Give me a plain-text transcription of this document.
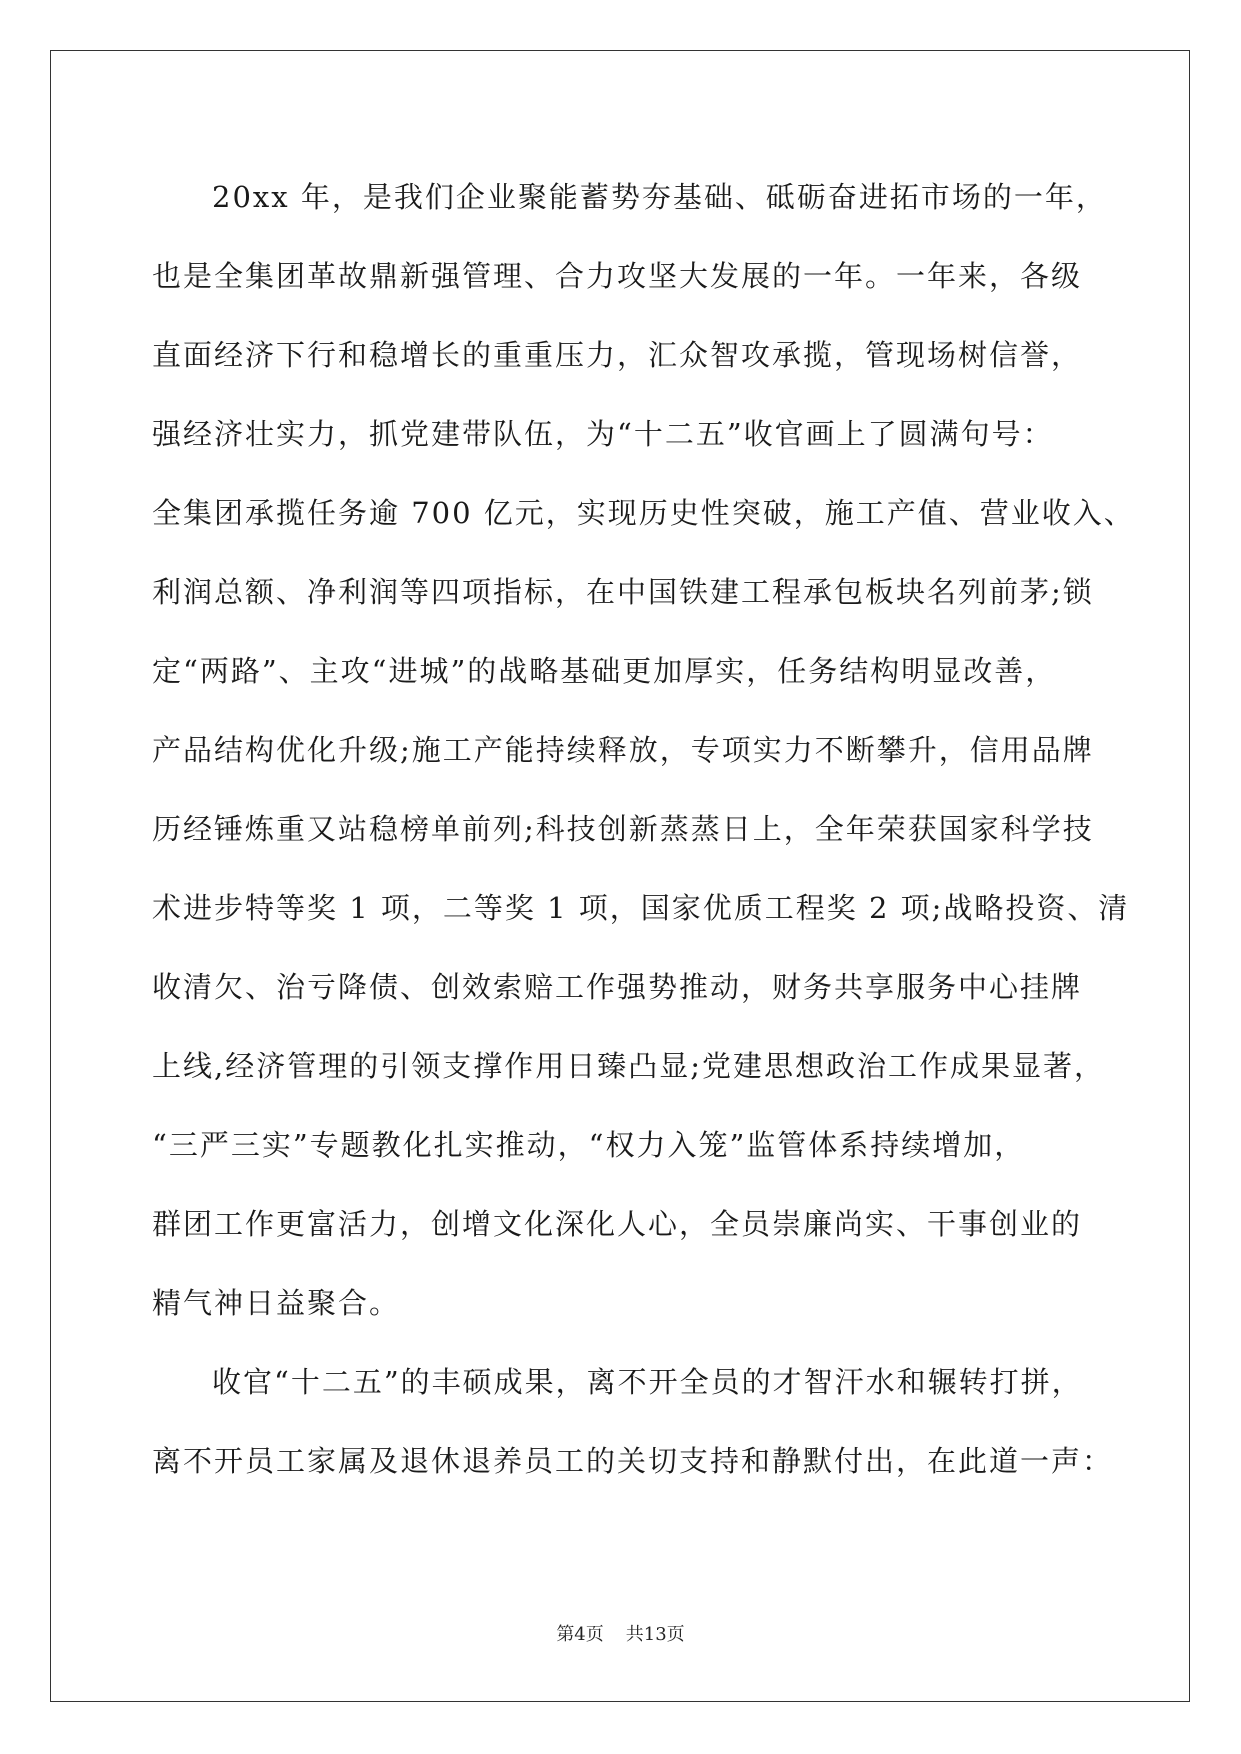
20xx 年，是我们企业聚能蓄势夯基础、砥砺奋进拓市场的一年，
也是全集团革故鼎新强管理、合力攻坚大发展的一年。一年来，各级
直面经济下行和稳增长的重重压力，汇众智攻承揽，管现场树信誉，
强经济壮实力，抓党建带队伍，为“十二五”收官画上了圆满句号：
全集团承揽任务逾 700 亿元，实现历史性突破，施工产值、营业收入、
利润总额、净利润等四项指标，在中国铁建工程承包板块名列前茅;锁
定“两路”、主攻“进城”的战略基础更加厚实，任务结构明显改善，
产品结构优化升级;施工产能持续释放，专项实力不断攀升，信用品牌
历经锤炼重又站稳榜单前列;科技创新蒸蒸日上，全年荣获国家科学技
术进步特等奖 1 项，二等奖 1 项，国家优质工程奖 2 项;战略投资、清
收清欠、治亏降债、创效索赔工作强势推动，财务共享服务中心挂牌
上线,经济管理的引领支撑作用日臻凸显;党建思想政治工作成果显著，
“三严三实”专题教化扎实推动，“权力入笼”监管体系持续增加，
群团工作更富活力，创增文化深化人心，全员崇廉尚实、干事创业的
精气神日益聚合。
收官“十二五”的丰硕成果，离不开全员的才智汗水和辗转打拼，
离不开员工家属及退休退养员工的关切支持和静默付出，在此道一声：
第4页 共13页
